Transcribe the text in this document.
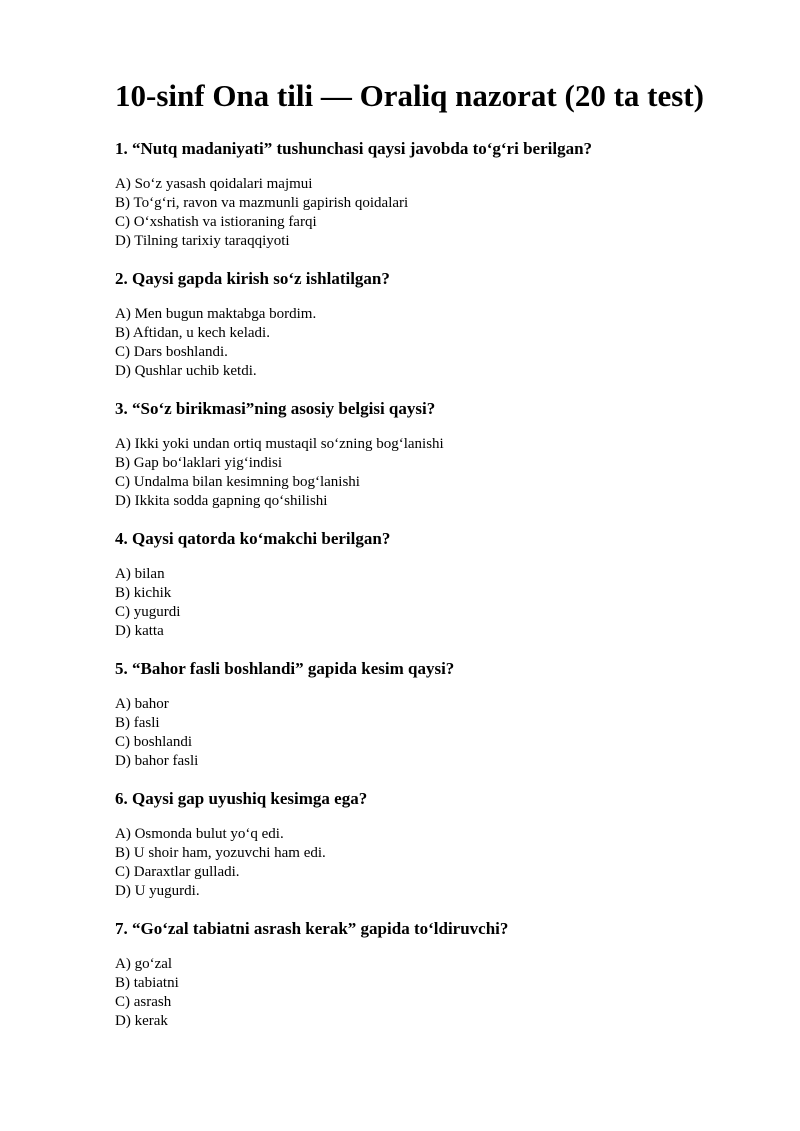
10-sinf Ona tili — Oraliq nazorat (20 ta test)

1. “Nutq madaniyati” tushunchasi qaysi javobda to‘g‘ri berilgan?

A) So‘z yasash qoidalari majmui
B) To‘g‘ri, ravon va mazmunli gapirish qoidalari
C) O‘xshatish va istioraning farqi
D) Tilning tarixiy taraqqiyoti

2. Qaysi gapda kirish so‘z ishlatilgan?

A) Men bugun maktabga bordim.
B) Aftidan, u kech keladi.
C) Dars boshlandi.
D) Qushlar uchib ketdi.

3. “So‘z birikmasi”ning asosiy belgisi qaysi?

A) Ikki yoki undan ortiq mustaqil so‘zning bog‘lanishi
B) Gap bo‘laklari yig‘indisi
C) Undalma bilan kesimning bog‘lanishi
D) Ikkita sodda gapning qo‘shilishi

4. Qaysi qatorda ko‘makchi berilgan?

A) bilan
B) kichik
C) yugurdi
D) katta

5. “Bahor fasli boshlandi” gapida kesim qaysi?

A) bahor
B) fasli
C) boshlandi
D) bahor fasli

6. Qaysi gap uyushiq kesimga ega?

A) Osmonda bulut yo‘q edi.
B) U shoir ham, yozuvchi ham edi.
C) Daraxtlar gulladi.
D) U yugurdi.

7. “Go‘zal tabiatni asrash kerak” gapida to‘ldiruvchi?

A) go‘zal
B) tabiatni
C) asrash
D) kerak
